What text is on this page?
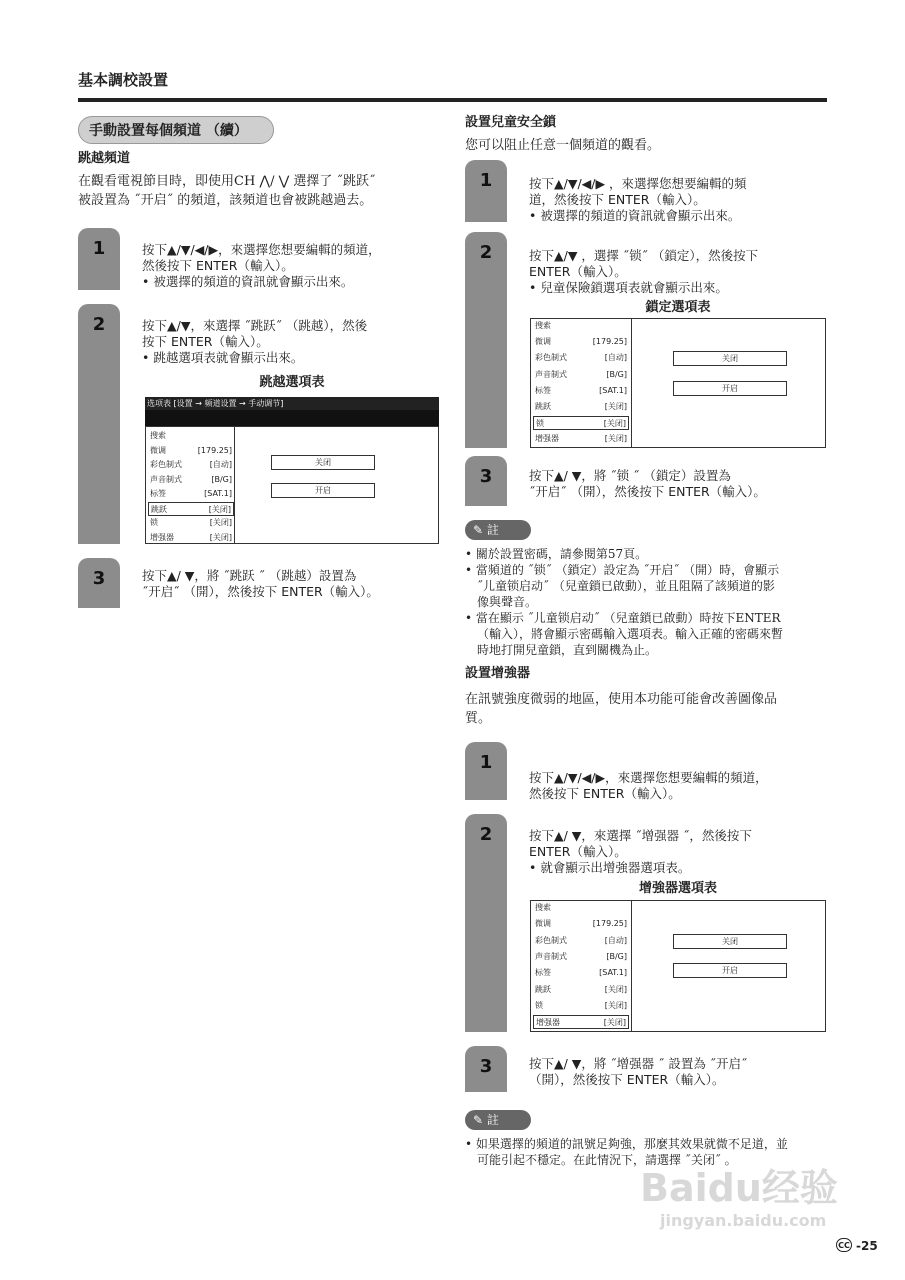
基本調校設置
手動設置每個頻道 （續）
跳越頻道
在觀看電視節目時，即使用CH ⋀/ ⋁ 選擇了 ˝跳跃˝
被設置為 ˝开启˝ 的頻道，該頻道也會被跳越過去。
1	按下▲/▼/◀/▶，來選擇您想要編輯的頻道，
然後按下 ENTER（輸入）。
• 被選擇的頻道的資訊就會顯示出來。
2	按下▲/▼，來選擇 ˝跳跃˝ （跳越），然後
按下 ENTER（輸入）。
• 跳越選項表就會顯示出來。
跳越選項表
选项表 [设置 → 频道设置 → 手动调节]
搜索
微调	[179.25]
彩色制式	[自动]
声音制式	[B/G]
标签	[SAT.1]
跳跃	[关闭]
锁	[关闭]
增强器	[关闭]
关闭
开启
3	按下▲/ ▼，將 ˝跳跃 ˝ （跳越）設置為
˝开启˝ （開），然後按下 ENTER（輸入）。
設置兒童安全鎖
您可以阻止任意一個頻道的觀看。
1	按下▲/▼/◀/▶ ，來選擇您想要編輯的頻
道，然後按下 ENTER（輸入）。
• 被選擇的頻道的資訊就會顯示出來。
2	按下▲/▼ ，選擇 ˝锁˝ （鎖定），然後按下
ENTER（輸入）。
• 兒童保險鎖選項表就會顯示出來。
鎖定選項表
搜索
微调	[179.25]
彩色制式	[自动]
声音制式	[B/G]
标签	[SAT.1]
跳跃	[关闭]
锁	[关闭]
增强器	[关闭]
关闭
开启
3	按下▲/ ▼，將 ˝锁 ˝ （鎖定）設置為
˝开启˝ （開），然後按下 ENTER（輸入）。
✎ 註
• 關於設置密碼，請參閱第57頁。
• 當頻道的 ˝锁˝ （鎖定）設定為 ˝开启˝ （開）時，會顯示
˝儿童锁启动˝ （兒童鎖已啟動），並且阻隔了該頻道的影
像與聲音。
• 當在顯示 ˝儿童锁启动˝ （兒童鎖已啟動）時按下ENTER
（輸入），將會顯示密碼輸入選項表。輸入正確的密碼來暫
時地打開兒童鎖，直到關機為止。
設置增強器
在訊號強度微弱的地區，使用本功能可能會改善圖像品
質。
1
按下▲/▼/◀/▶，來選擇您想要編輯的頻道，
然後按下 ENTER（輸入）。
2	按下▲/ ▼，來選擇 ˝增强器 ˝，然後按下
ENTER（輸入）。
• 就會顯示出增強器選項表。
增強器選項表
搜索
微调	[179.25]
彩色制式	[自动]
声音制式	[B/G]
标签	[SAT.1]
跳跃	[关闭]
锁	[关闭]
增强器	[关闭]
关闭
开启
3	按下▲/ ▼，將 ˝增强器 ˝ 設置為 ˝开启˝
（開），然後按下 ENTER（輸入）。
✎ 註
• 如果選擇的頻道的訊號足夠強，那麼其效果就微不足道，並
可能引起不穩定。在此情況下，請選擇 ˝关闭˝ 。
Baidu经验
jingyan.baidu.com
CC -25
